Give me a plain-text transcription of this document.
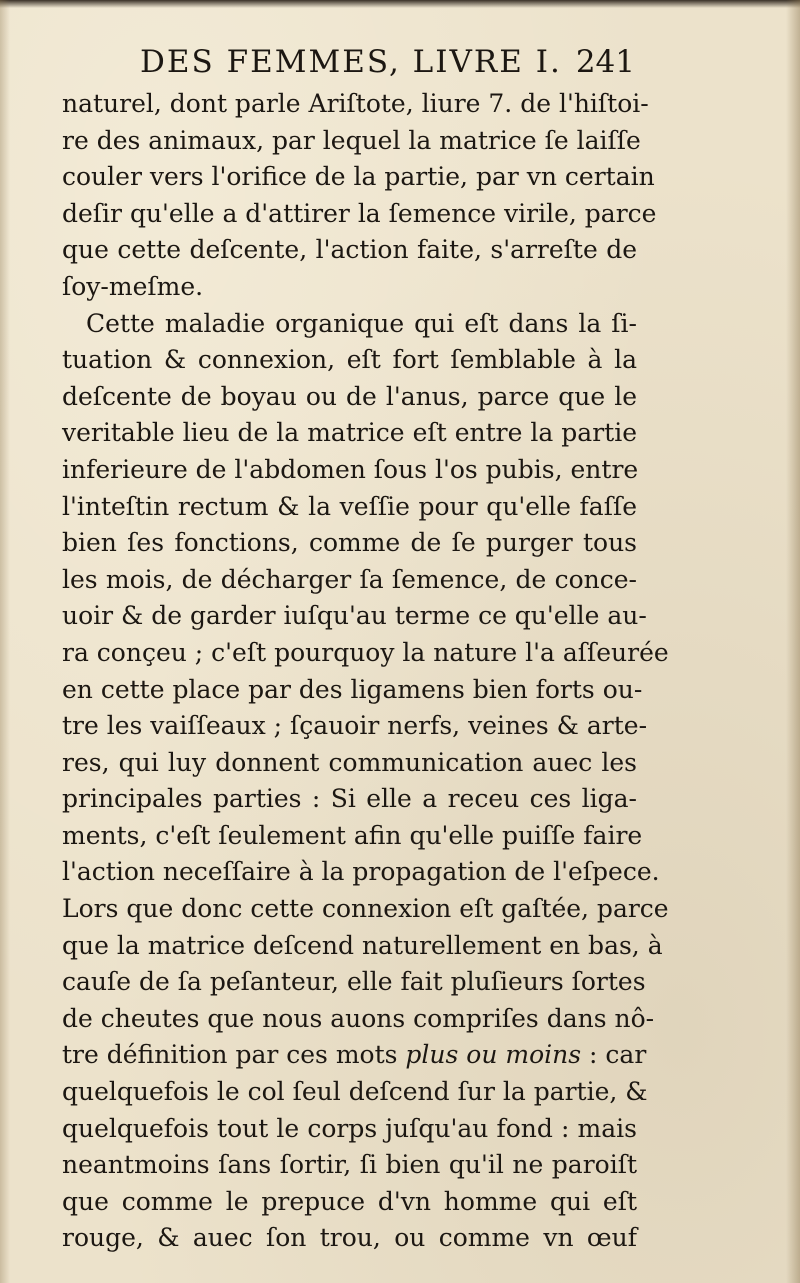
DES FEMMES, LIVRE I. 241
naturel, dont parle Ariſtote, liure 7. de l'hiſtoi-
re des animaux, par lequel la matrice ſe laiſſe
couler vers l'orifice de la partie, par vn certain
deſir qu'elle a d'attirer la ſemence virile, parce
que cette deſcente, l'action faite, s'arreſte de
ſoy-meſme.
Cette maladie organique qui eſt dans la ſi-
tuation & connexion, eſt fort ſemblable à la
deſcente de boyau ou de l'anus, parce que le
veritable lieu de la matrice eſt entre la partie
inferieure de l'abdomen ſous l'os pubis, entre
l'inteſtin rectum & la veſſie pour qu'elle faſſe
bien ſes fonctions, comme de ſe purger tous
les mois, de décharger ſa ſemence, de conce-
uoir & de garder iuſqu'au terme ce qu'elle au-
ra conçeu ; c'eſt pourquoy la nature l'a aſſeurée
en cette place par des ligamens bien forts ou-
tre les vaiſſeaux ; ſçauoir nerfs, veines & arte-
res, qui luy donnent communication auec les
principales parties : Si elle a receu ces liga-
ments, c'eſt ſeulement afin qu'elle puiſſe faire
l'action neceſſaire à la propagation de l'eſpece.
Lors que donc cette connexion eſt gaſtée, parce
que la matrice deſcend naturellement en bas, à
cauſe de ſa peſanteur, elle fait pluſieurs ſortes
de cheutes que nous auons compriſes dans nô-
tre définition par ces mots plus ou moins : car
quelquefois le col ſeul deſcend ſur la partie, &
quelquefois tout le corps juſqu'au fond : mais
neantmoins ſans ſortir, ſi bien qu'il ne paroiſt
que comme le prepuce d'vn homme qui eſt
rouge, & auec ſon trou, ou comme vn œuf
